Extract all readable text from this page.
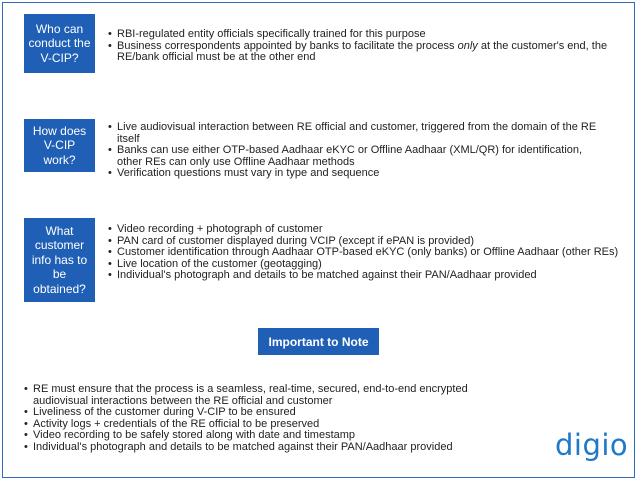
Who can conduct the V-CIP?
• RBI-regulated entity officials specifically trained for this purpose
• Business correspondents appointed by banks to facilitate the process only at the customer's end, the RE/bank official must be at the other end
How does V-CIP work?
• Live audiovisual interaction between RE official and customer, triggered from the domain of the RE itself
• Banks can use either OTP-based Aadhaar eKYC or Offline Aadhaar (XML/QR) for identification, other REs can only use Offline Aadhaar methods
• Verification questions must vary in type and sequence
What customer info has to be obtained?
• Video recording + photograph of customer
• PAN card of customer displayed during VCIP (except if ePAN is provided)
• Customer identification through Aadhaar OTP-based eKYC (only banks) or Offline Aadhaar (other REs)
• Live location of the customer (geotagging)
• Individual's photograph and details to be matched against their PAN/Aadhaar provided
Important to Note
• RE must ensure that the process is a seamless, real-time, secured, end-to-end encrypted audiovisual interactions between the RE official and customer
• Liveliness of the customer during V-CIP to be ensured
• Activity logs + credentials of the RE official to be preserved
• Video recording to be safely stored along with date and timestamp
• Individual's photograph and details to be matched against their PAN/Aadhaar provided	digio
